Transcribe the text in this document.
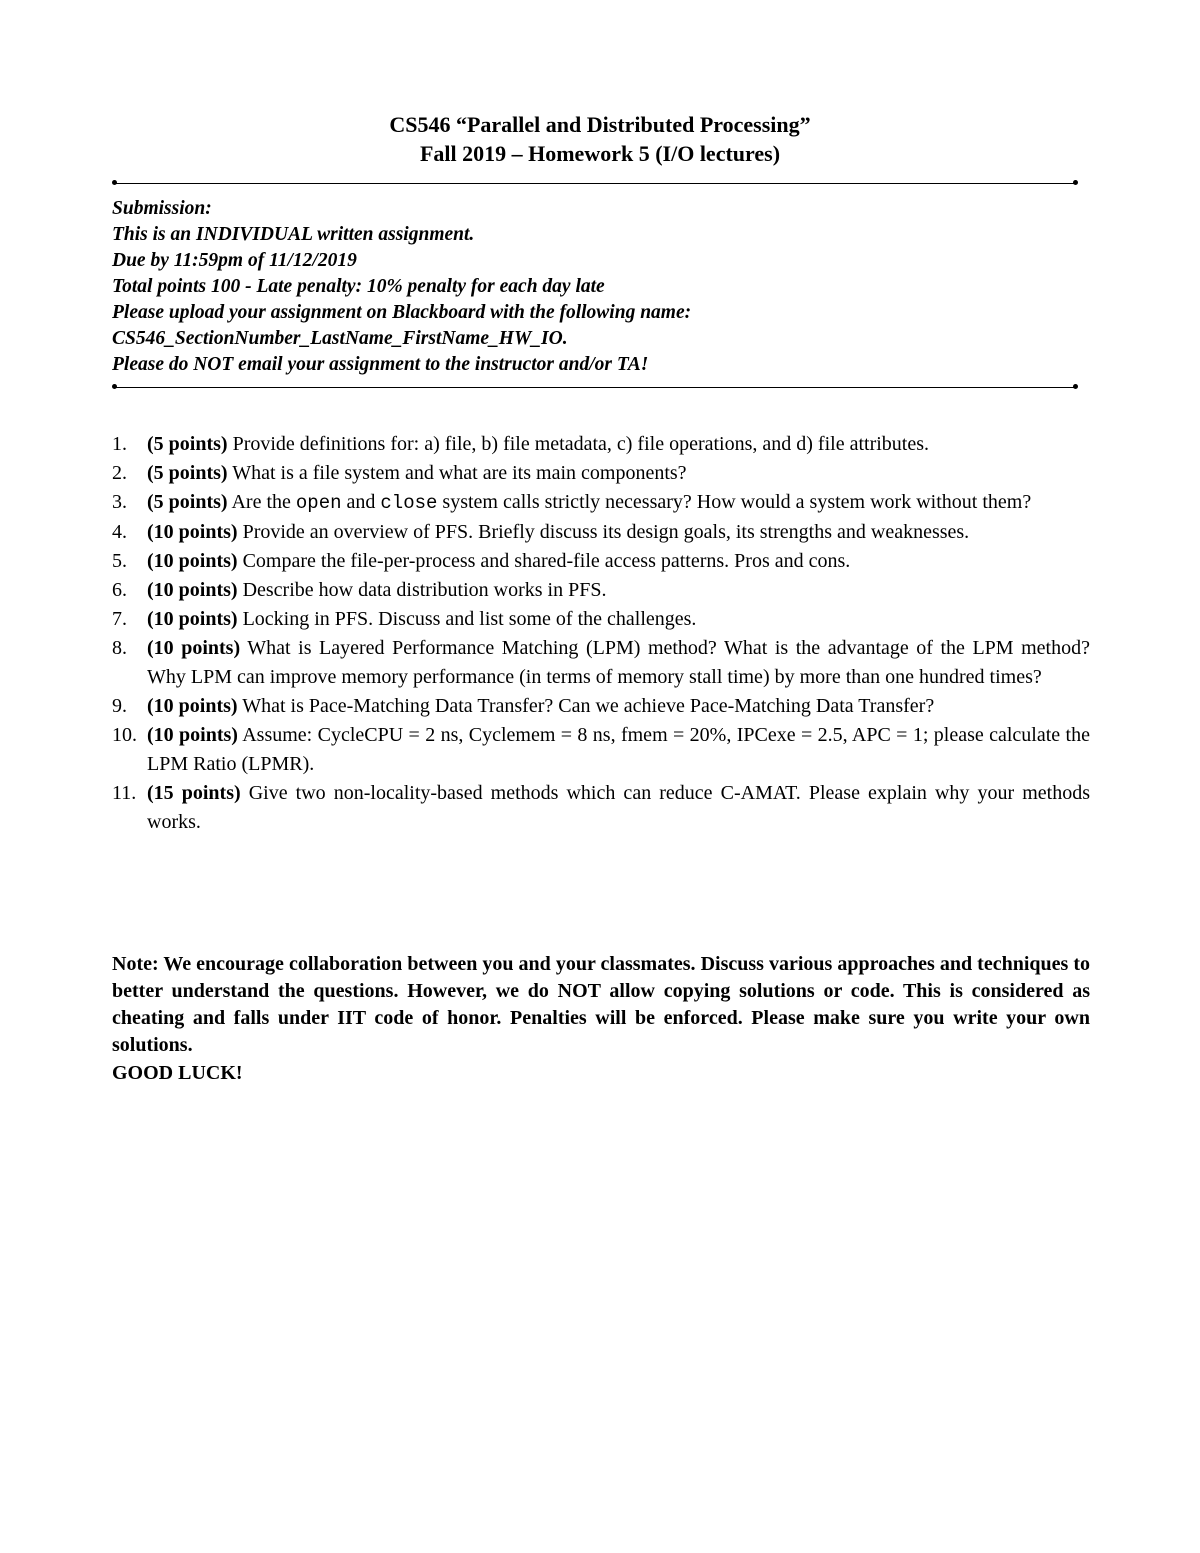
CS546 “Parallel and Distributed Processing”
Fall 2019 – Homework 5 (I/O lectures)
Submission:
This is an INDIVIDUAL written assignment.
Due by 11:59pm of 11/12/2019
Total points 100 - Late penalty: 10% penalty for each day late
Please upload your assignment on Blackboard with the following name:
CS546_SectionNumber_LastName_FirstName_HW_IO.
Please do NOT email your assignment to the instructor and/or TA!
1. (5 points) Provide definitions for: a) file, b) file metadata, c) file operations, and d) file attributes.
2. (5 points) What is a file system and what are its main components?
3. (5 points) Are the open and close system calls strictly necessary? How would a system work without them?
4. (10 points) Provide an overview of PFS. Briefly discuss its design goals, its strengths and weaknesses.
5. (10 points) Compare the file-per-process and shared-file access patterns. Pros and cons.
6. (10 points) Describe how data distribution works in PFS.
7. (10 points) Locking in PFS. Discuss and list some of the challenges.
8. (10 points) What is Layered Performance Matching (LPM) method? What is the advantage of the LPM method? Why LPM can improve memory performance (in terms of memory stall time) by more than one hundred times?
9. (10 points) What is Pace-Matching Data Transfer? Can we achieve Pace-Matching Data Transfer?
10. (10 points) Assume: CycleCPU = 2 ns, Cyclemem = 8 ns, fmem = 20%, IPCexe = 2.5, APC = 1; please calculate the LPM Ratio (LPMR).
11. (15 points) Give two non-locality-based methods which can reduce C-AMAT. Please explain why your methods works.
Note: We encourage collaboration between you and your classmates. Discuss various approaches and techniques to better understand the questions. However, we do NOT allow copying solutions or code. This is considered as cheating and falls under IIT code of honor. Penalties will be enforced. Please make sure you write your own solutions.
GOOD LUCK!
